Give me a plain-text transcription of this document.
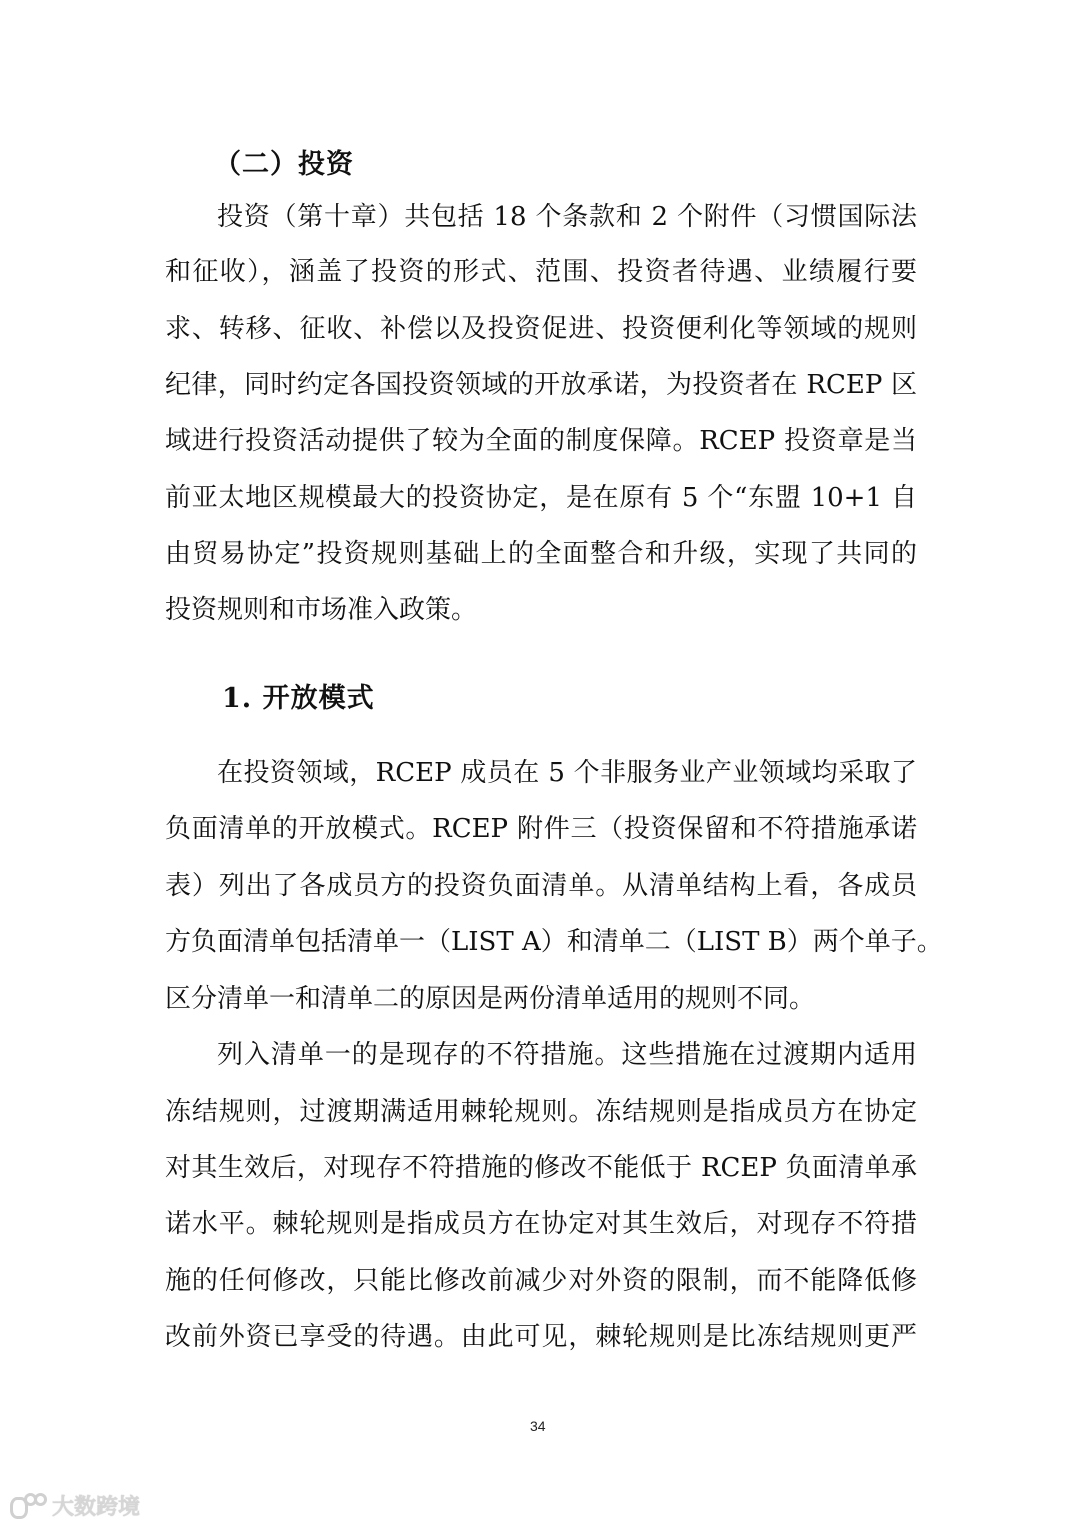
（二）投资
投资（第十章）共包括 18 个条款和 2 个附件（习惯国际法
和征收），涵盖了投资的形式、范围、投资者待遇、业绩履行要
求、转移、征收、补偿以及投资促进、投资便利化等领域的规则
纪律，同时约定各国投资领域的开放承诺，为投资者在 RCEP 区
域进行投资活动提供了较为全面的制度保障。RCEP 投资章是当
前亚太地区规模最大的投资协定，是在原有 5 个“东盟 10+1 自
由贸易协定”投资规则基础上的全面整合和升级，实现了共同的
投资规则和市场准入政策。
1. 开放模式
在投资领域，RCEP 成员在 5 个非服务业产业领域均采取了
负面清单的开放模式。RCEP 附件三（投资保留和不符措施承诺
表）列出了各成员方的投资负面清单。从清单结构上看，各成员
方负面清单包括清单一（LIST A）和清单二（LIST B）两个单子。
区分清单一和清单二的原因是两份清单适用的规则不同。
列入清单一的是现存的不符措施。这些措施在过渡期内适用
冻结规则，过渡期满适用棘轮规则。冻结规则是指成员方在协定
对其生效后，对现存不符措施的修改不能低于 RCEP 负面清单承
诺水平。棘轮规则是指成员方在协定对其生效后，对现存不符措
施的任何修改，只能比修改前减少对外资的限制，而不能降低修
改前外资已享受的待遇。由此可见，棘轮规则是比冻结规则更严
34
大数跨境
